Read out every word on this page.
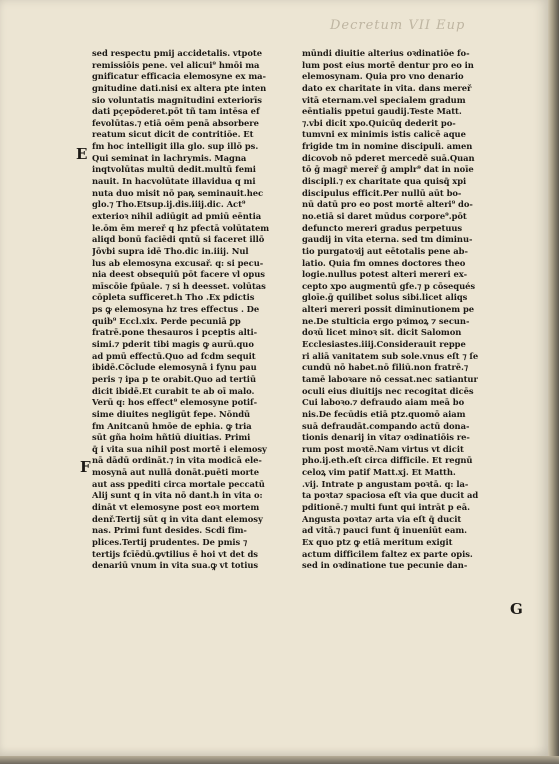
Decretum VII Eup
E
F
G
sed respectu pmij accidetalis. vtpote
remissiōis pene. vel alicui⁹ hmōi ma
gnificatur efficacia elemosyne ex ma-
gnitudine dati.nisi ex altera pte inten
sio voluntatis magnitudini exteriorīs
dati pçepōderet.pōt tñ tam intēsa ef
fevolūtas.⁊ etiā oēm penā absorbere
reatum sicut dicit de contritiōe. Et
fm hoc intelligit illa glo. sup illō ps.
Qui seminat in lachrymis. Magna
inqtvolūtas multū dedit.multū femi
nauit. In hacvolūtate illavidua q mi
nuta duo misit nō paꝶ seminauit.hec
glo.⁊ Tho.Etsup.ij.dis.iiij.dic. Act⁹
exterioꝛ nihil adiūgit ad pmiū eēntia
le.ōm ēm mereř q hz pfectā volūtatem
aliqd bonū faciēdi qntū si faceret illō
Jōvbi supra idē Tho.dic in.iiij. Nul
lus ab elemosyna excusař. q: si pecu-
nia deest obsequiū pōt facere vl opus
mīscōie fpūale. ⁊ si h deesset. volūtas
cōpleta sufficeret.h Tho .Ex pdictis
ps ꝙ elemosyna hz tres effectus . De
quib⁹ Eccl.xix. Perde pecuniā ꝑp
fratrē.pone thesauros i pceptis alti-
simi.⁊ pderit tibi magis ꝙ aurū.quo
ad pmū effectū.Quo ad fcdm sequit
ibidē.Cōclude elemosynā i fynu pau
peris ⁊ ipa p te orabit.Quo ad tertiū
dicit ibidē.Et curabit te ab oī malo.
Verū q: hos effect⁹ elemosyne potiſ-
sime diuites negligūt fepe. Nōndū
fm Anitcanū hmōe de ephia. ꝙ tria
sūt gña hoim hñtiū diuitias. Primi
q̄ i vita sua nihil post mortē i elemosy
nā dādū ordināt.⁊ in vita modicā ele-
mosynā aut nullā donāt.puēti morte
aut ass ppediti circa mortale peccatū
Alij sunt q in vita nō dant.h in vita o:
dināt vt elemosyne post eoꝛ mortem
denř.Tertij sūt q in vita dant elemosy
nas. Primi funt desides. Scdi fim-
plices.Tertij prudentes. De pmis ⁊
tertijs fcīēdū.ꝙvtilius ē hoi vt det ds
denariū vnum in vita sua.ꝙ vt totius
mūndi diuitie alterius oꝛdinatiōe fo-
lum post eius mortē dentur pro eo in
elemosynam. Quia pro vno denario
dato ex charitate in vita. dans mereř
vitā eternam.vel specialem gradum
eēntialis ppetui gaudij.Teste Matt.
⁊.vbi dicit xpo.Quicūq dederit po-
tumvni ex minimis istis calicē aque
frigide tm in nomine discipuli. amen
dicovob nō pderet mercedē suā.Quan
tō ḡ magr̄ mereř ḡ amplr⁹ dat in noīe
discipli.⁊ ex charitate qua quisq̄ xpi
discipulus efficit.Per nullū aūt bo-
nū datū pro eo post mortē alteri⁹ do-
no.etiā si daret mūdus corpore⁹.pōt
defuncto mereri gradus perpetuus
gaudij in vita eterna. sed tm diminu-
tio purgatoꝛij aut eētotalis pene ab-
latio. Quia fm omnes doctores theo
logie.nullus potest alteri mereri ex-
cepto xpo augmentū gfe.⁊ p cōsequés
gloīe.ḡ quilibet solus sibi.licet aliqs
alteri mereri possit diminutionem pe
ne.De stulticia ergo pꝛimoꝝ ⁊ secun-
doꝛū licet minoꝛ sit. dicit Salomon
Ecclesiastes.iiij.Considerauit reppe
ri aliā vanitatem sub sole.vnus eſt ⁊ ſe
cundū nō habet.nō filiū.non fratrē.⁊
tamē laboꝛare nō cessat.nec satiantur
oculi eius diuitijs nec recogitat dicēs
Cui laboꝛo.⁊ defraudo aiam meā bo
nis.De fecūdis etiā ptz.quomō aiam
suā defraudāt.compando actū dona-
tionis denarij in vita⁊ oꝛdinatiōis re-
rum post moꝛtē.Nam virtus vt dicit
pho.ij.eth.eſt circa difficile. Et regnū
celoꝝ vim patif Matt.xj. Et Matth.
.vij. Intrate p angustam poꝛtā. q: la-
ta poꝛta⁊ spaciosa eſt via que ducit ad
pditionē.⁊ multi funt qui intrāt p eā.
Angusta poꝛta⁊ arta via eſt q̄ ducit
ad vitā.⁊ pauci funt q̄ inueniūt eam.
Ex quo ptz ꝙ etiā meritum exigit
actum difficilem faltez ex parte opis.
sed in oꝛdinatione tue pecunie dan-
